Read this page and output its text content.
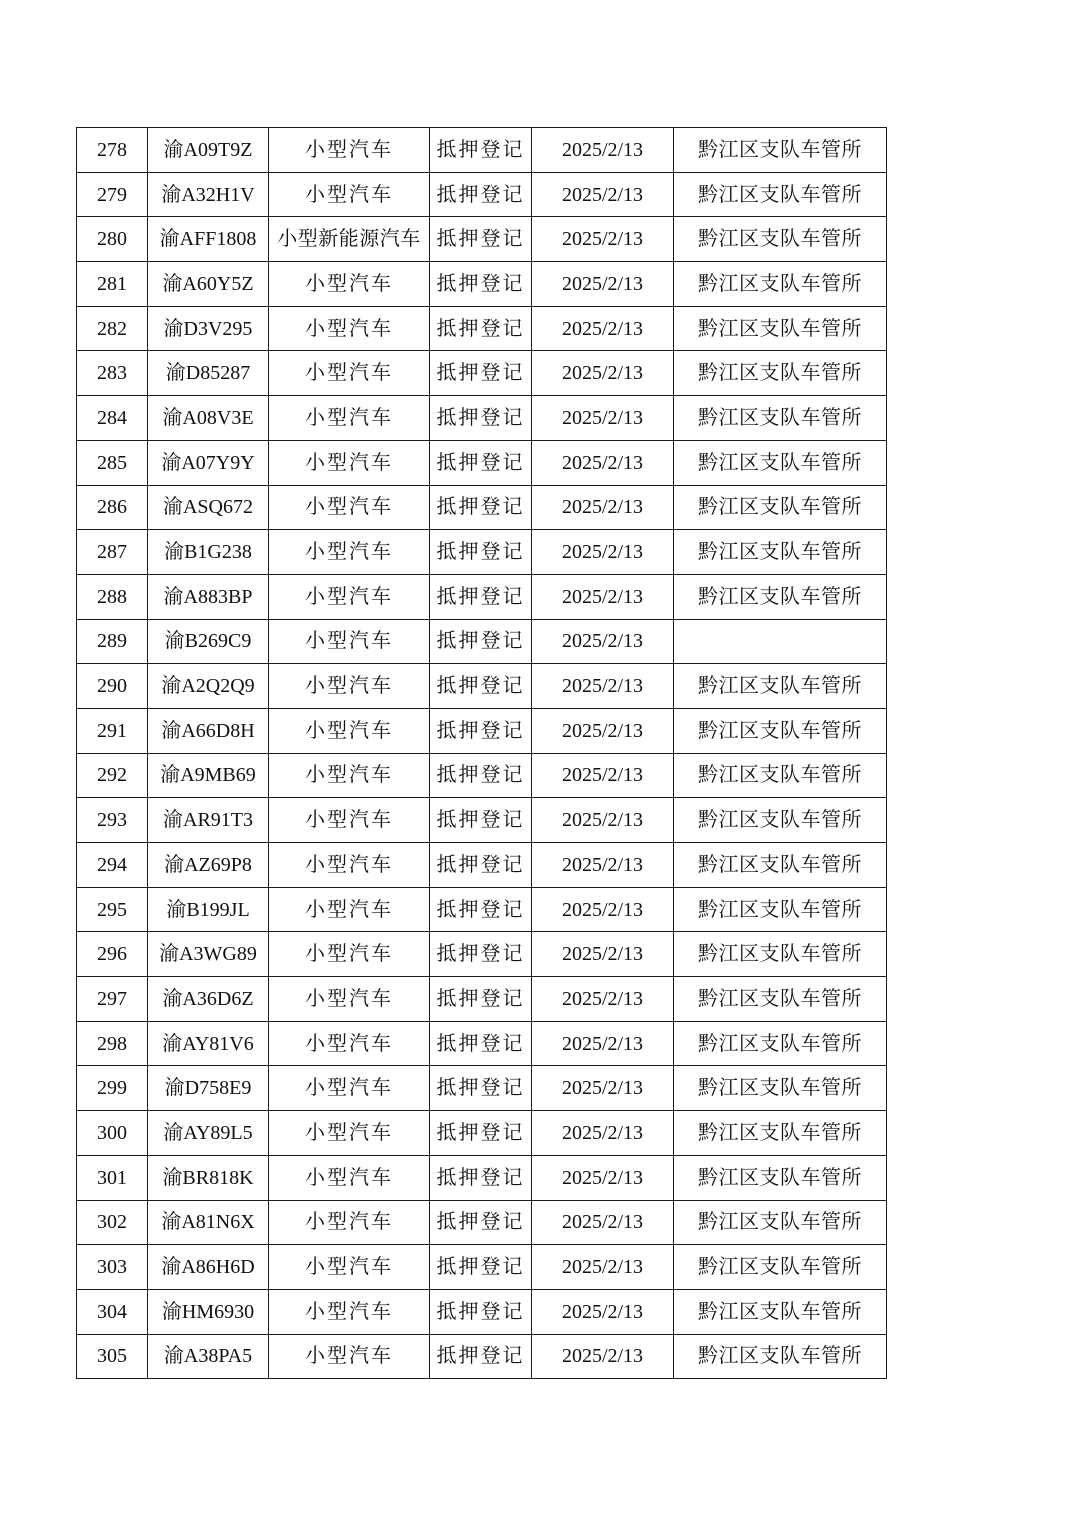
278	渝A09T9Z	小型汽车	抵押登记	2025/2/13	黔江区支队车管所
279	渝A32H1V	小型汽车	抵押登记	2025/2/13	黔江区支队车管所
280	渝AFF1808	小型新能源汽车	抵押登记	2025/2/13	黔江区支队车管所
281	渝A60Y5Z	小型汽车	抵押登记	2025/2/13	黔江区支队车管所
282	渝D3V295	小型汽车	抵押登记	2025/2/13	黔江区支队车管所
283	渝D85287	小型汽车	抵押登记	2025/2/13	黔江区支队车管所
284	渝A08V3E	小型汽车	抵押登记	2025/2/13	黔江区支队车管所
285	渝A07Y9Y	小型汽车	抵押登记	2025/2/13	黔江区支队车管所
286	渝ASQ672	小型汽车	抵押登记	2025/2/13	黔江区支队车管所
287	渝B1G238	小型汽车	抵押登记	2025/2/13	黔江区支队车管所
288	渝A883BP	小型汽车	抵押登记	2025/2/13	黔江区支队车管所
289	渝B269C9	小型汽车	抵押登记	2025/2/13	
290	渝A2Q2Q9	小型汽车	抵押登记	2025/2/13	黔江区支队车管所
291	渝A66D8H	小型汽车	抵押登记	2025/2/13	黔江区支队车管所
292	渝A9MB69	小型汽车	抵押登记	2025/2/13	黔江区支队车管所
293	渝AR91T3	小型汽车	抵押登记	2025/2/13	黔江区支队车管所
294	渝AZ69P8	小型汽车	抵押登记	2025/2/13	黔江区支队车管所
295	渝B199JL	小型汽车	抵押登记	2025/2/13	黔江区支队车管所
296	渝A3WG89	小型汽车	抵押登记	2025/2/13	黔江区支队车管所
297	渝A36D6Z	小型汽车	抵押登记	2025/2/13	黔江区支队车管所
298	渝AY81V6	小型汽车	抵押登记	2025/2/13	黔江区支队车管所
299	渝D758E9	小型汽车	抵押登记	2025/2/13	黔江区支队车管所
300	渝AY89L5	小型汽车	抵押登记	2025/2/13	黔江区支队车管所
301	渝BR818K	小型汽车	抵押登记	2025/2/13	黔江区支队车管所
302	渝A81N6X	小型汽车	抵押登记	2025/2/13	黔江区支队车管所
303	渝A86H6D	小型汽车	抵押登记	2025/2/13	黔江区支队车管所
304	渝HM6930	小型汽车	抵押登记	2025/2/13	黔江区支队车管所
305	渝A38PA5	小型汽车	抵押登记	2025/2/13	黔江区支队车管所
